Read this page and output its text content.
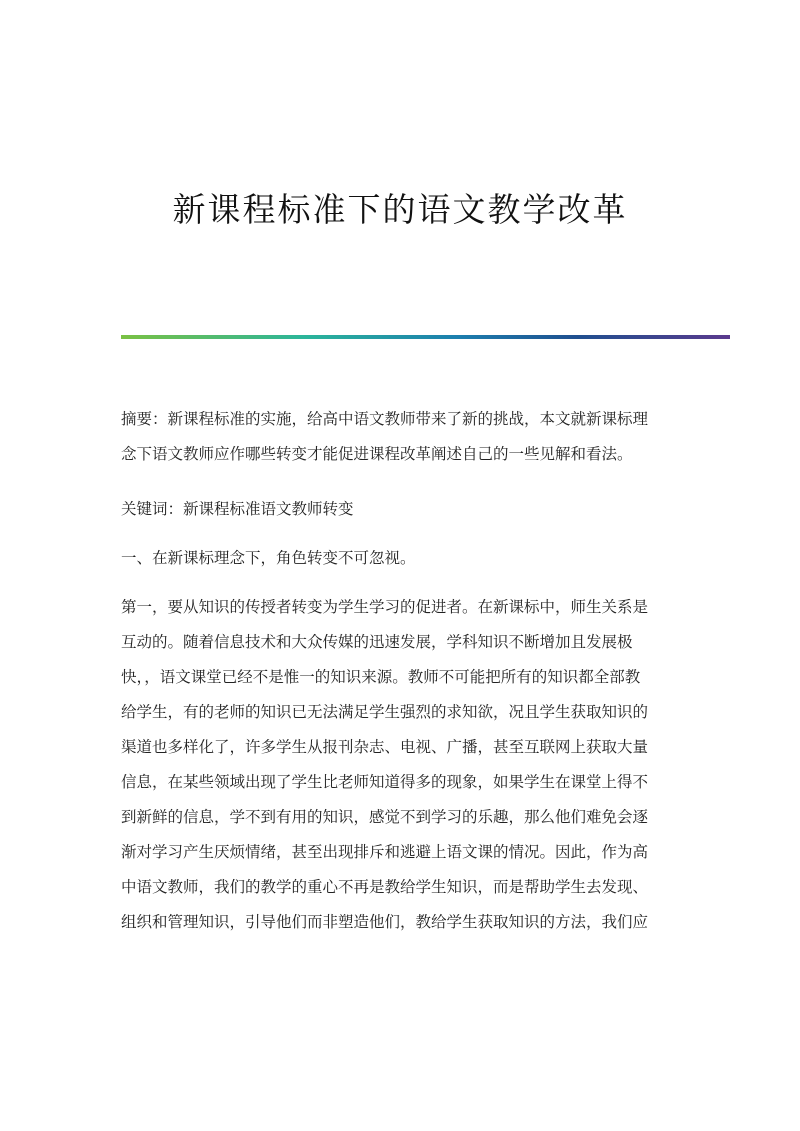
新课程标准下的语文教学改革
摘要：新课程标准的实施，给高中语文教师带来了新的挑战，本文就新课标理
念下语文教师应作哪些转变才能促进课程改革阐述自己的一些见解和看法。
关键词：新课程标准语文教师转变
一、在新课标理念下，角色转变不可忽视。
第一，要从知识的传授者转变为学生学习的促进者。在新课标中，师生关系是
互动的。随着信息技术和大众传媒的迅速发展，学科知识不断增加且发展极
快，，语文课堂已经不是惟一的知识来源。教师不可能把所有的知识都全部教
给学生，有的老师的知识已无法满足学生强烈的求知欲，况且学生获取知识的
渠道也多样化了，许多学生从报刊杂志、电视、广播，甚至互联网上获取大量
信息，在某些领域出现了学生比老师知道得多的现象，如果学生在课堂上得不
到新鲜的信息，学不到有用的知识，感觉不到学习的乐趣，那么他们难免会逐
渐对学习产生厌烦情绪，甚至出现排斥和逃避上语文课的情况。因此，作为高
中语文教师，我们的教学的重心不再是教给学生知识，而是帮助学生去发现、
组织和管理知识，引导他们而非塑造他们，教给学生获取知识的方法，我们应
